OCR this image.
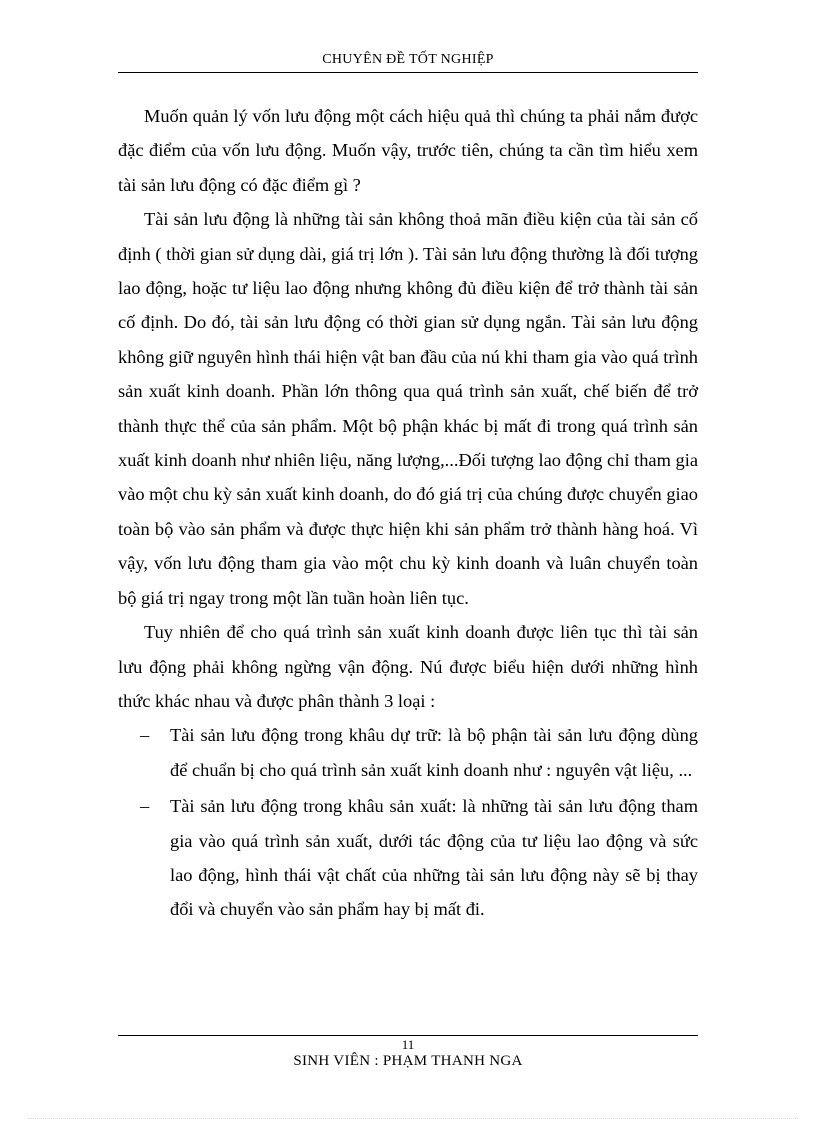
CHUYÊN ĐỀ TỐT NGHIỆP

Muốn quản lý vốn lưu động một cách hiệu quả thì chúng ta phải nắm được đặc điểm của vốn lưu động. Muốn vậy, trước tiên, chúng ta cần tìm hiểu xem tài sản lưu động có đặc điểm gì ?

Tài sản lưu động là những tài sản không thoả mãn điều kiện của tài sản cố định ( thời gian sử dụng dài, giá trị lớn ). Tài sản lưu động thường là đối tượng lao động, hoặc tư liệu lao động nhưng không đủ điều kiện để trở thành tài sản cố định. Do đó, tài sản lưu động có thời gian sử dụng ngắn. Tài sản lưu động không giữ nguyên hình thái hiện vật ban đầu của nú khi tham gia vào quá trình sản xuất kinh doanh. Phần lớn thông qua quá trình sản xuất, chế biến để trở thành thực thể của sản phẩm. Một bộ phận khác bị mất đi trong quá trình sản xuất kinh doanh như nhiên liệu, năng lượng,...Đối tượng lao động chỉ tham gia vào một chu kỳ sản xuất kinh doanh, do đó giá trị của chúng được chuyển giao toàn bộ vào sản phẩm và được thực hiện khi sản phẩm trở thành hàng hoá. Vì vậy, vốn lưu động tham gia vào một chu kỳ kinh doanh và luân chuyển toàn bộ giá trị ngay trong một lần tuần hoàn liên tục.

Tuy nhiên để cho quá trình sản xuất kinh doanh được liên tục thì tài sản lưu động phải không ngừng vận động. Nú được biểu hiện dưới những hình thức khác nhau và được phân thành 3 loại :

– Tài sản lưu động trong khâu dự trữ: là bộ phận tài sản lưu động dùng để chuẩn bị cho quá trình sản xuất kinh doanh như : nguyên vật liệu, ...
– Tài sản lưu động trong khâu sản xuất: là những tài sản lưu động tham gia vào quá trình sản xuất, dưới tác động của tư liệu lao động và sức lao động, hình thái vật chất của những tài sản lưu động này sẽ bị thay đổi và chuyển vào sản phẩm hay bị mất đi.
11
SINH VIÊN : PHẠM THANH NGA
